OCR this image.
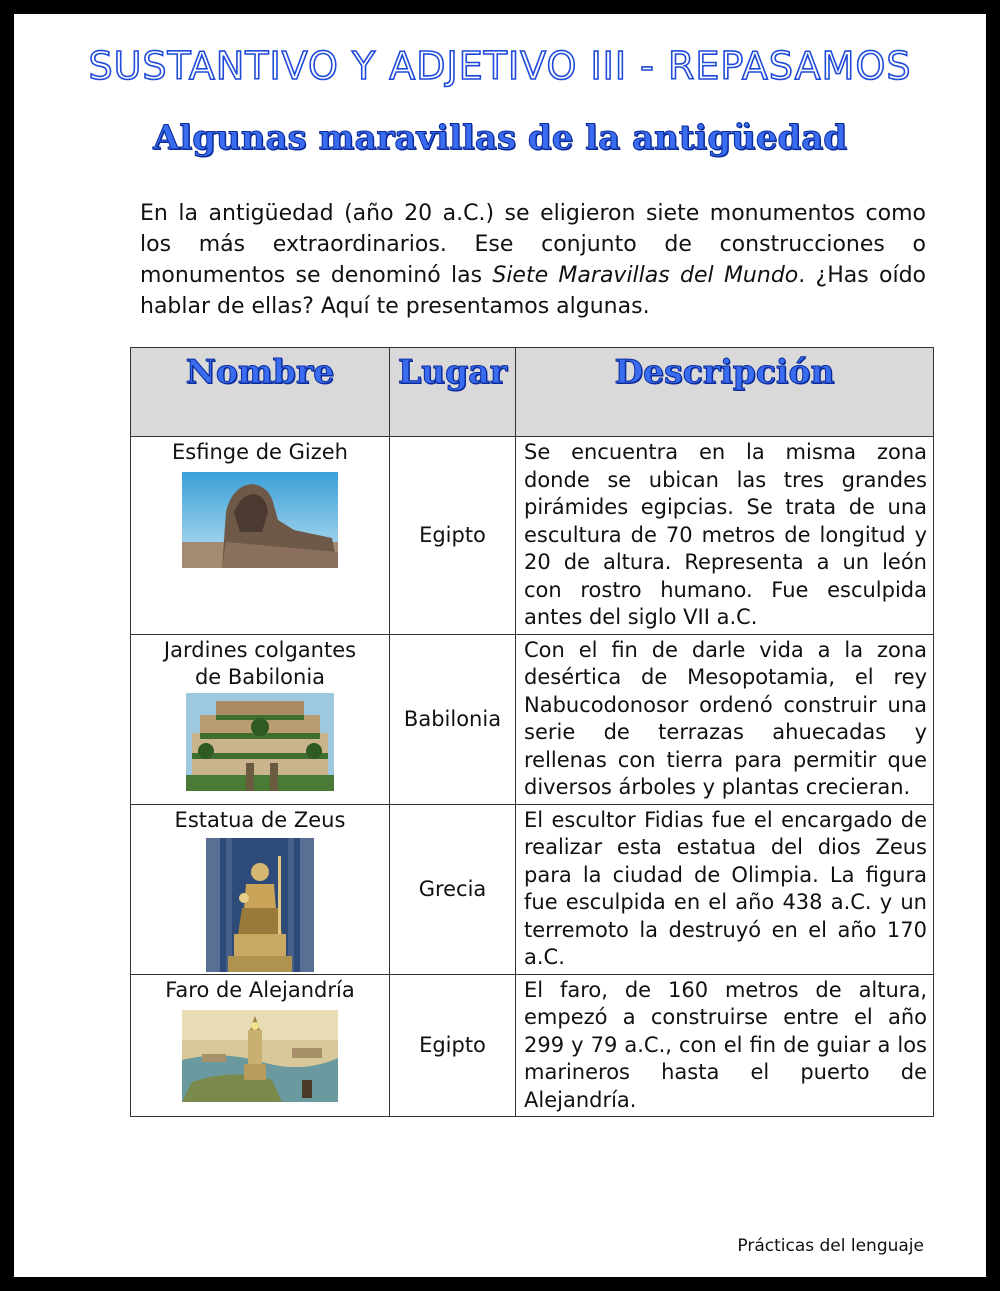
SUSTANTIVO Y ADJETIVO III - REPASAMOS
Algunas maravillas de la antigüedad

En la antigüedad (año 20 a.C.) se eligieron siete monumentos como los más extraordinarios. Ese conjunto de construcciones o monumentos se denominó las Siete Maravillas del Mundo. ¿Has oído hablar de ellas? Aquí te presentamos algunas.

Nombre	Lugar	Descripción

Esfinge de Gizeh	Egipto	Se encuentra en la misma zona donde se ubican las tres grandes pirámides egipcias. Se trata de una escultura de 70 metros de longitud y 20 de altura. Representa a un león con rostro humano. Fue esculpida antes del siglo VII a.C.

Jardines colgantes de Babilonia	Babilonia	Con el fin de darle vida a la zona desértica de Mesopotamia, el rey Nabucodonosor ordenó construir una serie de terrazas ahuecadas y rellenas con tierra para permitir que diversos árboles y plantas crecieran.

Estatua de Zeus	Grecia	El escultor Fidias fue el encargado de realizar esta estatua del dios Zeus para la ciudad de Olimpia. La figura fue esculpida en el año 438 a.C. y un terremoto la destruyó en el año 170 a.C.

Faro de Alejandría	Egipto	El faro, de 160 metros de altura, empezó a construirse entre el año 299 y 79 a.C., con el fin de guiar a los marineros hasta el puerto de Alejandría.
Prácticas del lenguaje
